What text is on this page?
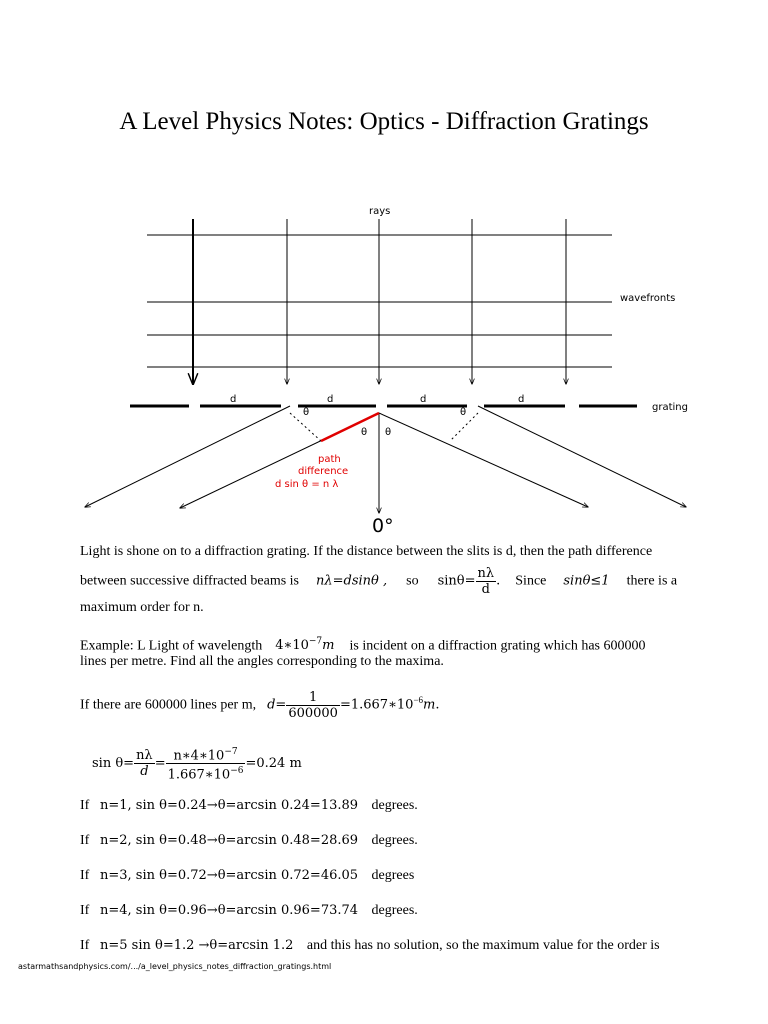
A Level Physics Notes: Optics - Diffraction Gratings
rays
wavefronts
d	d	d	d
grating
θ
θ θ
θ
path
difference
d sin θ = n λ
0°

Light is shone on to a diffraction grating. If the distance between the slits is d, then the path difference

between successive diffracted beams is nλ=dsinθ , so $\sin\theta= \frac{n\lambda}{d}$ . Since sinθ≤1 there is a

maximum order for n.

Example: L Light of wavelength $4∗10^{-7}m$ is incident on a diffraction grating which has 600000

lines per metre. Find all the angles corresponding to the maxima.

If there are 600000 lines per m, $d= \frac{1}{600000}$ $=1.667∗10^{-6}m$.

$\sin \theta= \frac{n\lambda}{d} = \frac{n∗4∗10^{-7}}{1.667∗10^{-6}} =0.24$ m

If n=1, sin θ=0.24→θ=arcsin 0.24=13.89 degrees.

If n=2, sin θ=0.48→θ=arcsin 0.48=28.69 degrees.

If n=3, sin θ=0.72→θ=arcsin 0.72=46.05 degrees

If n=4, sin θ=0.96→θ=arcsin 0.96=73.74 degrees.

If n=5 sin θ=1.2 →θ=arcsin 1.2 and this has no solution, so the maximum value for the order is

astarmathsandphysics.com/.../a_level_physics_notes_diffraction_gratings.html
